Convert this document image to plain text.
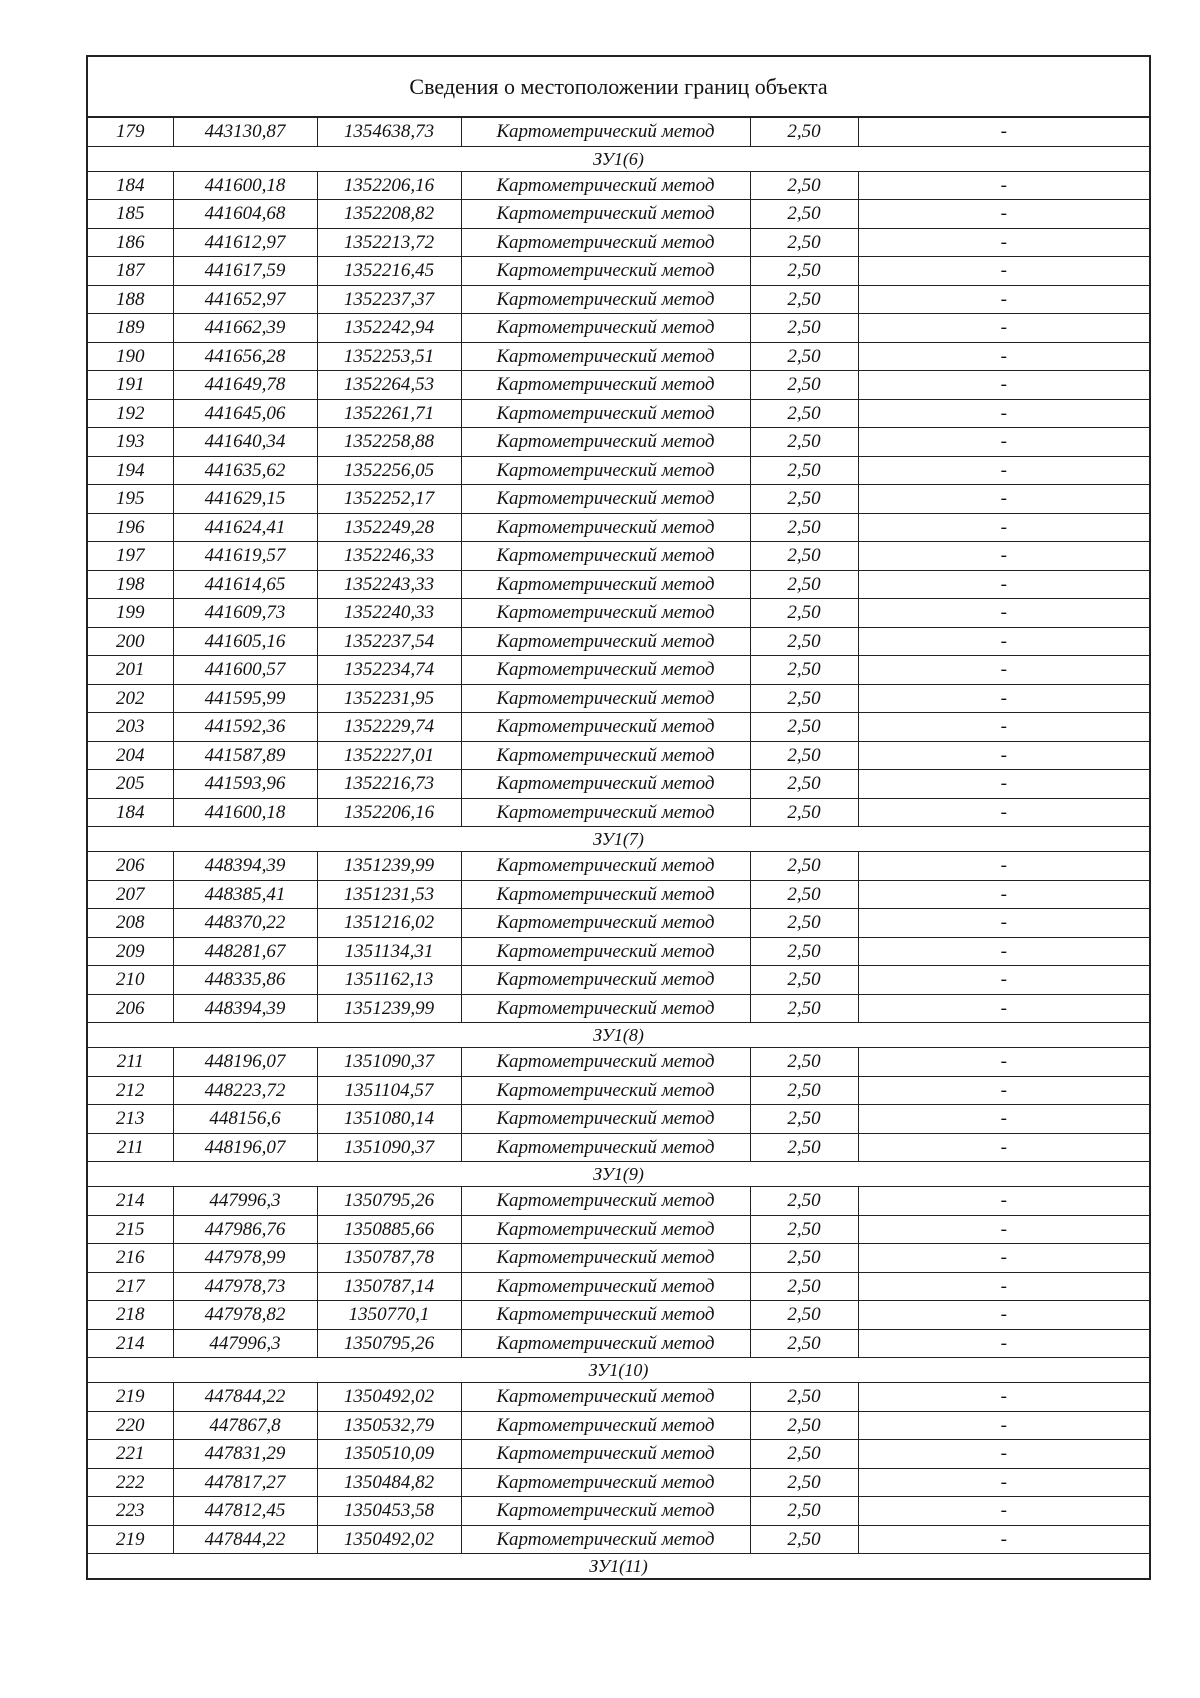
Сведения о местоположении границ объекта					
179	443130,87	1354638,73	Картометрический метод	2,50	-
ЗУ1(6)					
184	441600,18	1352206,16	Картометрический метод	2,50	-
185	441604,68	1352208,82	Картометрический метод	2,50	-
186	441612,97	1352213,72	Картометрический метод	2,50	-
187	441617,59	1352216,45	Картометрический метод	2,50	-
188	441652,97	1352237,37	Картометрический метод	2,50	-
189	441662,39	1352242,94	Картометрический метод	2,50	-
190	441656,28	1352253,51	Картометрический метод	2,50	-
191	441649,78	1352264,53	Картометрический метод	2,50	-
192	441645,06	1352261,71	Картометрический метод	2,50	-
193	441640,34	1352258,88	Картометрический метод	2,50	-
194	441635,62	1352256,05	Картометрический метод	2,50	-
195	441629,15	1352252,17	Картометрический метод	2,50	-
196	441624,41	1352249,28	Картометрический метод	2,50	-
197	441619,57	1352246,33	Картометрический метод	2,50	-
198	441614,65	1352243,33	Картометрический метод	2,50	-
199	441609,73	1352240,33	Картометрический метод	2,50	-
200	441605,16	1352237,54	Картометрический метод	2,50	-
201	441600,57	1352234,74	Картометрический метод	2,50	-
202	441595,99	1352231,95	Картометрический метод	2,50	-
203	441592,36	1352229,74	Картометрический метод	2,50	-
204	441587,89	1352227,01	Картометрический метод	2,50	-
205	441593,96	1352216,73	Картометрический метод	2,50	-
184	441600,18	1352206,16	Картометрический метод	2,50	-
ЗУ1(7)					
206	448394,39	1351239,99	Картометрический метод	2,50	-
207	448385,41	1351231,53	Картометрический метод	2,50	-
208	448370,22	1351216,02	Картометрический метод	2,50	-
209	448281,67	1351134,31	Картометрический метод	2,50	-
210	448335,86	1351162,13	Картометрический метод	2,50	-
206	448394,39	1351239,99	Картометрический метод	2,50	-
ЗУ1(8)					
211	448196,07	1351090,37	Картометрический метод	2,50	-
212	448223,72	1351104,57	Картометрический метод	2,50	-
213	448156,6	1351080,14	Картометрический метод	2,50	-
211	448196,07	1351090,37	Картометрический метод	2,50	-
ЗУ1(9)					
214	447996,3	1350795,26	Картометрический метод	2,50	-
215	447986,76	1350885,66	Картометрический метод	2,50	-
216	447978,99	1350787,78	Картометрический метод	2,50	-
217	447978,73	1350787,14	Картометрический метод	2,50	-
218	447978,82	1350770,1	Картометрический метод	2,50	-
214	447996,3	1350795,26	Картометрический метод	2,50	-
ЗУ1(10)					
219	447844,22	1350492,02	Картометрический метод	2,50	-
220	447867,8	1350532,79	Картометрический метод	2,50	-
221	447831,29	1350510,09	Картометрический метод	2,50	-
222	447817,27	1350484,82	Картометрический метод	2,50	-
223	447812,45	1350453,58	Картометрический метод	2,50	-
219	447844,22	1350492,02	Картометрический метод	2,50	-
ЗУ1(11)					
